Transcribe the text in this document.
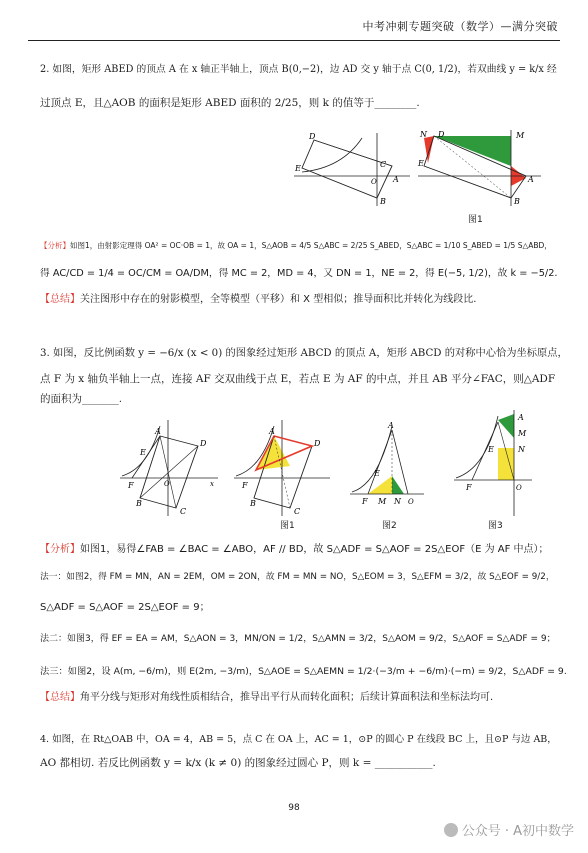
中考冲刺专题突破（数学）—满分突破
2. 如图，矩形 ABED 的顶点 A 在 x 轴正半轴上，顶点 B(0,−2)，边 AD 交 y 轴于点 C(0, 1/2)，若双曲线 y = k/x 经
过顶点 E，且△AOB 的面积是矩形 ABED 面积的 2/25，则 k 的值等于________.
D
E	C
A
B
O
N D	M
E
A
B
图1
【分析】如图1，由射影定理得 OA² = OC·OB = 1，故 OA = 1，S△AOB = 4/5 S△ABC = 2/25 S_ABED，S△ABC = 1/10 S_ABED = 1/5 S△ABD，
得 AC/CD = 1/4 = OC/CM = OA/DM，得 MC = 2，MD = 4，又 DN = 1，NE = 2，得 E(−5, 1/2)，故 k = −5/2.
【总结】关注图形中存在的射影模型，全等模型（平移）和 X 型相似；推导面积比并转化为线段比.
3. 如图，反比例函数 y = −6/x (x < 0) 的图象经过矩形 ABCD 的顶点 A，矩形 ABCD 的对称中心恰为坐标原点，
点 F 为 x 轴负半轴上一点，连接 AF 交双曲线于点 E，若点 E 为 AF 的中点，并且 AB 平分∠FAC，则△ADF
的面积为_______.
A
D
E
F	O	x
B
C
A
D
F
B
C
图1
A
E
F M N O
图2
A
M
N
E
F	O
图3
【分析】如图1，易得∠FAB = ∠BAC = ∠ABO，AF // BD，故 S△ADF = S△AOF = 2S△EOF（E 为 AF 中点）；
法一：如图2，得 FM = MN，AN = 2EM，OM = 2ON，故 FM = MN = NO，S△EOM = 3，S△EFM = 3/2，故 S△EOF = 9/2，
S△ADF = S△AOF = 2S△EOF = 9；
法二：如图3，得 EF = EA = AM，S△AON = 3，MN/ON = 1/2，S△AMN = 3/2，S△AOM = 9/2，S△AOF = S△ADF = 9；
法三：如图2，设 A(m, −6/m)，则 E(2m, −3/m)，S△AOE = S△AEMN = 1/2·(−3/m + −6/m)·(−m) = 9/2，S△ADF = 9.
【总结】角平分线与矩形对角线性质相结合，推导出平行从而转化面积；后续计算面积法和坐标法均可.
4. 如图，在 Rt△OAB 中，OA = 4，AB = 5，点 C 在 OA 上，AC = 1，⊙P 的圆心 P 在线段 BC 上，且⊙P 与边 AB，
AO 都相切. 若反比例函数 y = k/x (k ≠ 0) 的图象经过圆心 P，则 k = ___________.
98
公众号 · A初中数学
